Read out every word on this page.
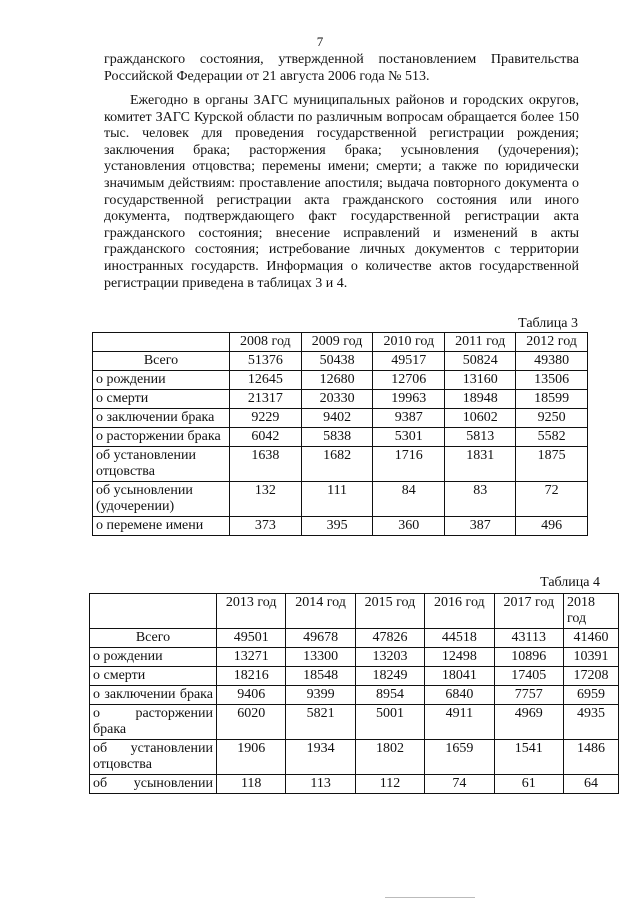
7

гражданского состояния, утвержденной постановлением Правительства Российской Федерации от 21 августа 2006 года № 513.

Ежегодно в органы ЗАГС муниципальных районов и городских округов, комитет ЗАГС Курской области по различным вопросам обращается более 150 тыс. человек для проведения государственной регистрации рождения; заключения брака; расторжения брака; усыновления (удочерения); установления отцовства; перемены имени; смерти; а также по юридически значимым действиям: проставление апостиля; выдача повторного документа о государственной регистрации акта гражданского состояния или иного документа, подтверждающего факт государственной регистрации акта гражданского состояния; внесение исправлений и изменений в акты гражданского состояния; истребование личных документов с территории иностранных государств. Информация о количестве актов государственной регистрации приведена в таблицах 3 и 4.

Таблица 3
	2008 год	2009 год	2010 год	2011 год	2012 год
Всего	51376	50438	49517	50824	49380
о рождении	12645	12680	12706	13160	13506
о смерти	21317	20330	19963	18948	18599
о заключении брака	9229	9402	9387	10602	9250
о расторжении брака	6042	5838	5301	5813	5582
об установлении отцовства	1638	1682	1716	1831	1875
об усыновлении (удочерении)	132	111	84	83	72
о перемене имени	373	395	360	387	496
Таблица 4
	2013 год	2014 год	2015 год	2016 год	2017 год	2018 год
Всего	49501	49678	47826	44518	43113	41460
о рождении	13271	13300	13203	12498	10896	10391
о смерти	18216	18548	18249	18041	17405	17208
о заключении брака	9406	9399	8954	6840	7757	6959
о расторжении брака	6020	5821	5001	4911	4969	4935
об установлении отцовства	1906	1934	1802	1659	1541	1486
об усыновлении	118	113	112	74	61	64
